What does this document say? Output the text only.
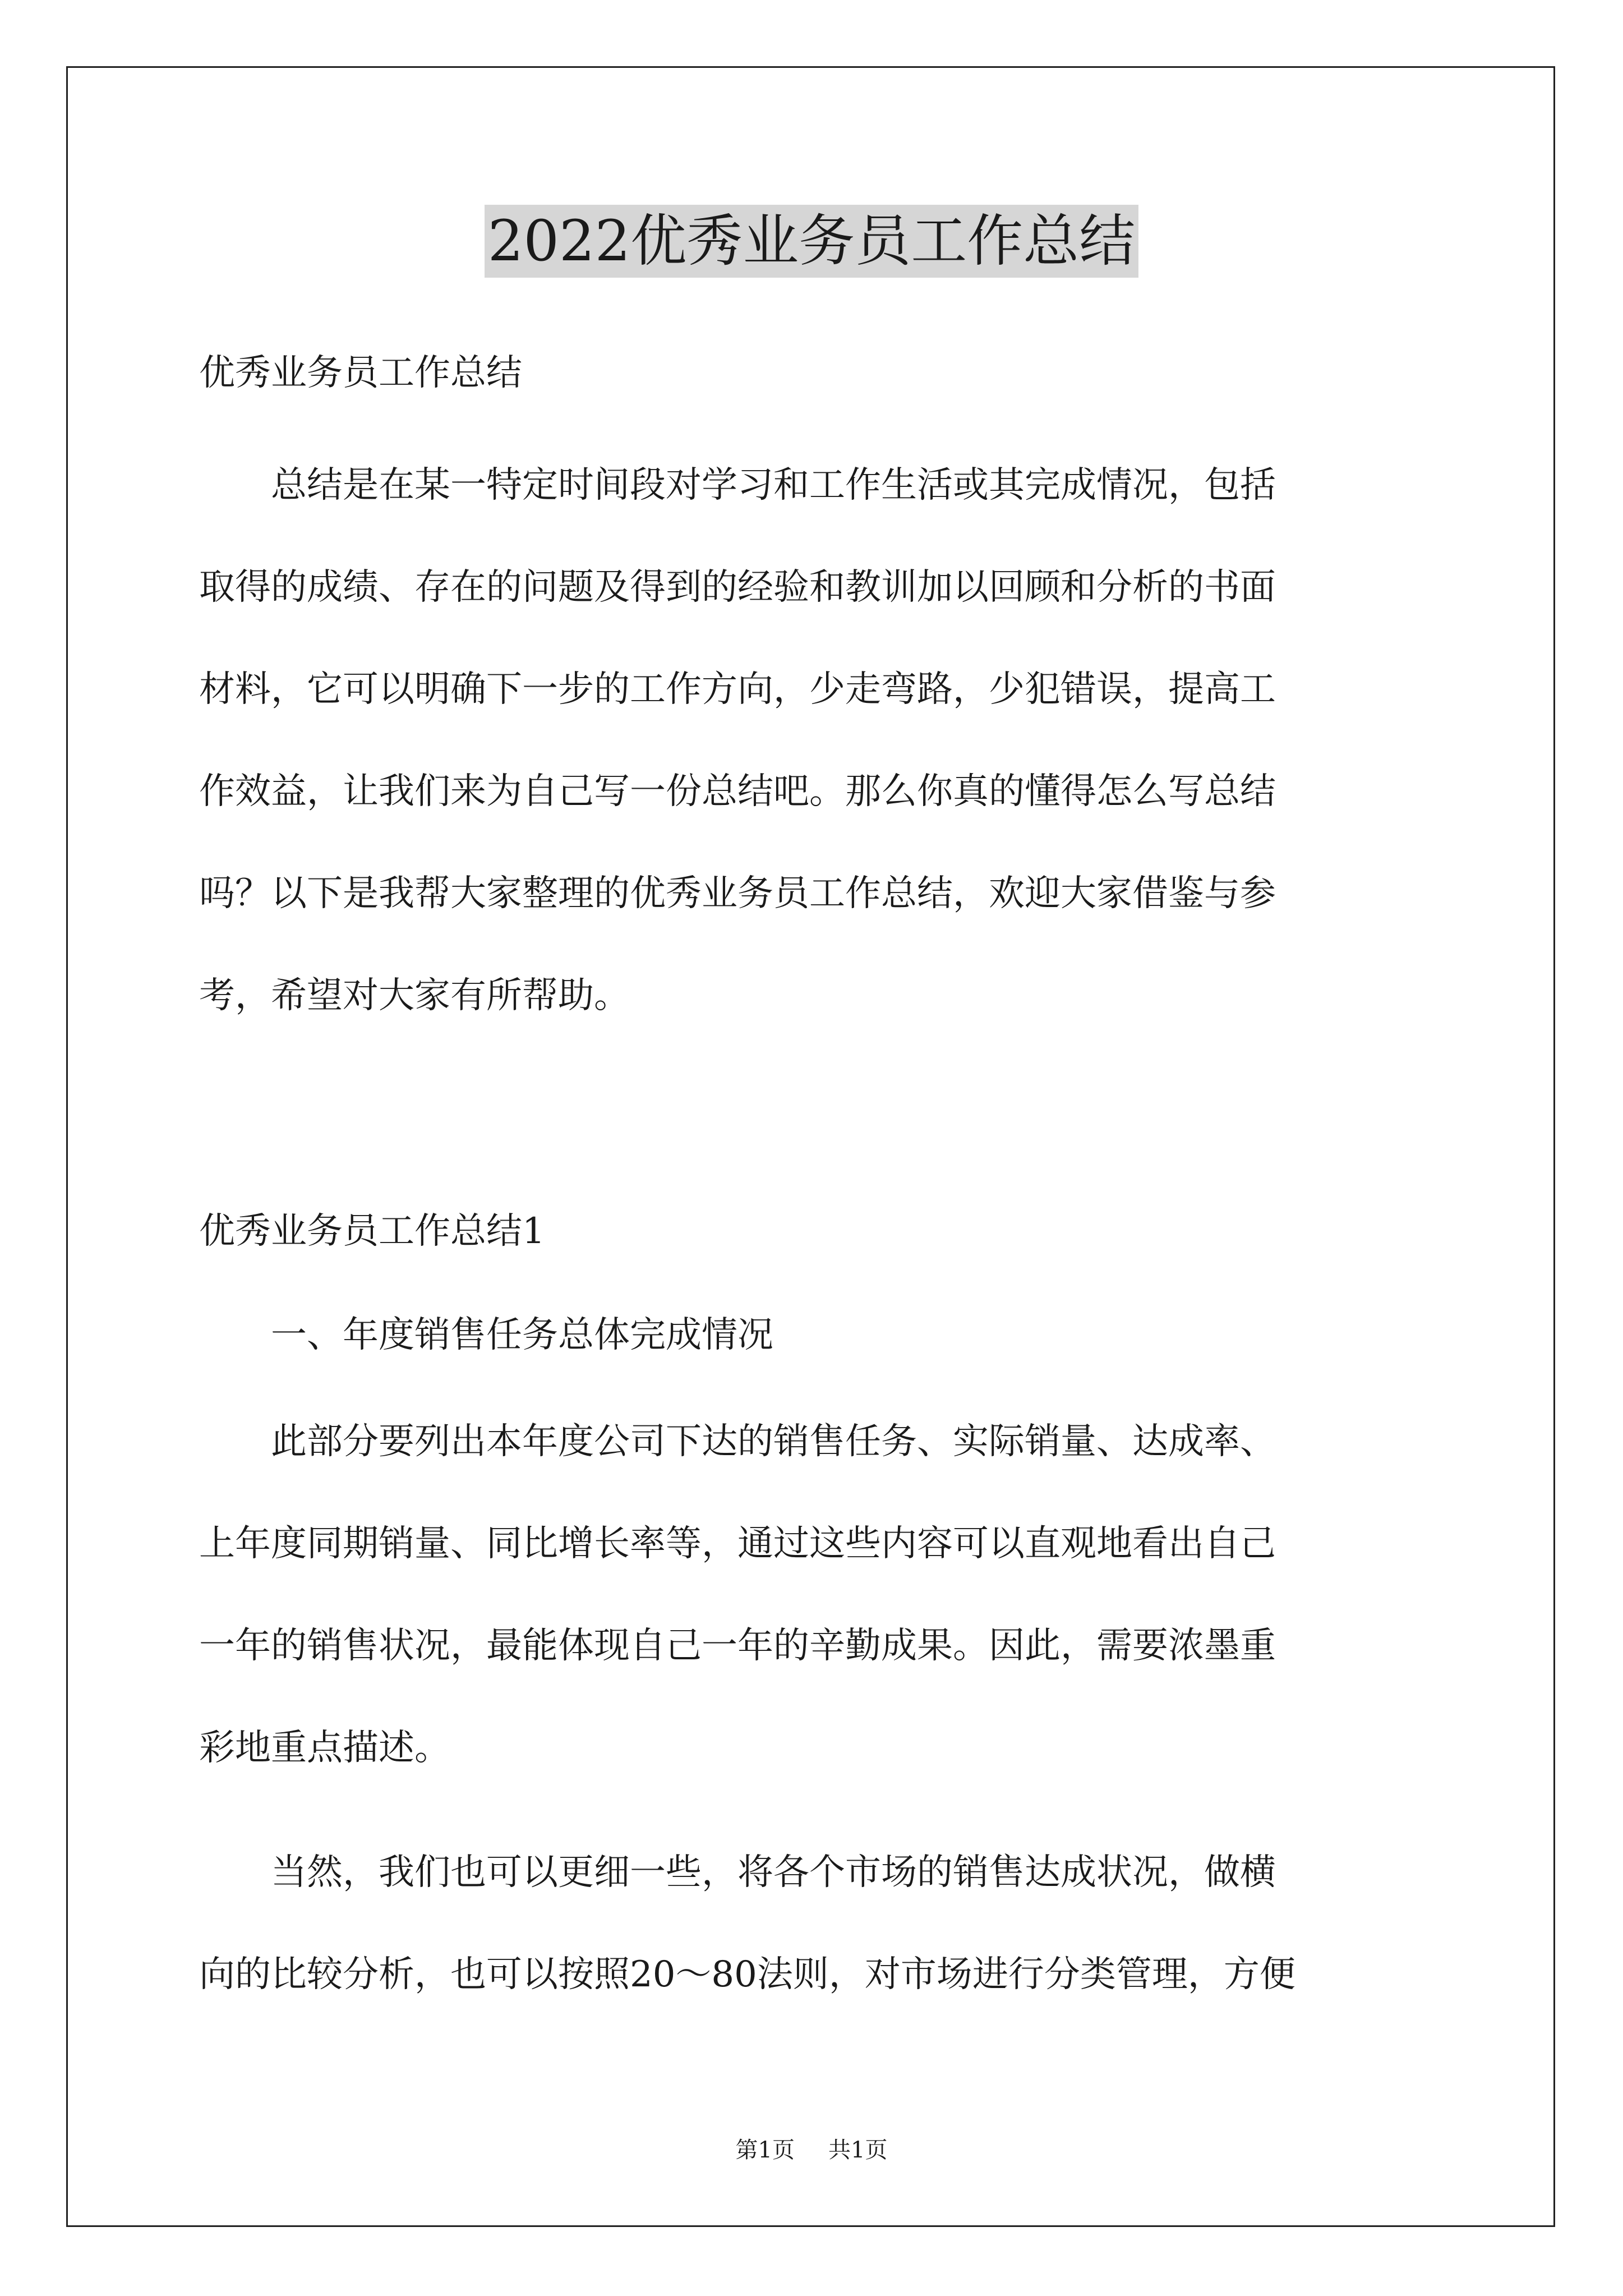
2022优秀业务员工作总结
优秀业务员工作总结
　　总结是在某一特定时间段对学习和工作生活或其完成情况，包括
取得的成绩、存在的问题及得到的经验和教训加以回顾和分析的书面
材料，它可以明确下一步的工作方向，少走弯路，少犯错误，提高工
作效益，让我们来为自己写一份总结吧。那么你真的懂得怎么写总结
吗？以下是我帮大家整理的优秀业务员工作总结，欢迎大家借鉴与参
考，希望对大家有所帮助。
优秀业务员工作总结1
　　一、年度销售任务总体完成情况
　　此部分要列出本年度公司下达的销售任务、实际销量、达成率、
上年度同期销量、同比增长率等，通过这些内容可以直观地看出自己
一年的销售状况，最能体现自己一年的辛勤成果。因此，需要浓墨重
彩地重点描述。
　　当然，我们也可以更细一些，将各个市场的销售达成状况，做横
向的比较分析，也可以按照20～80法则，对市场进行分类管理，方便
第1页 共1页
